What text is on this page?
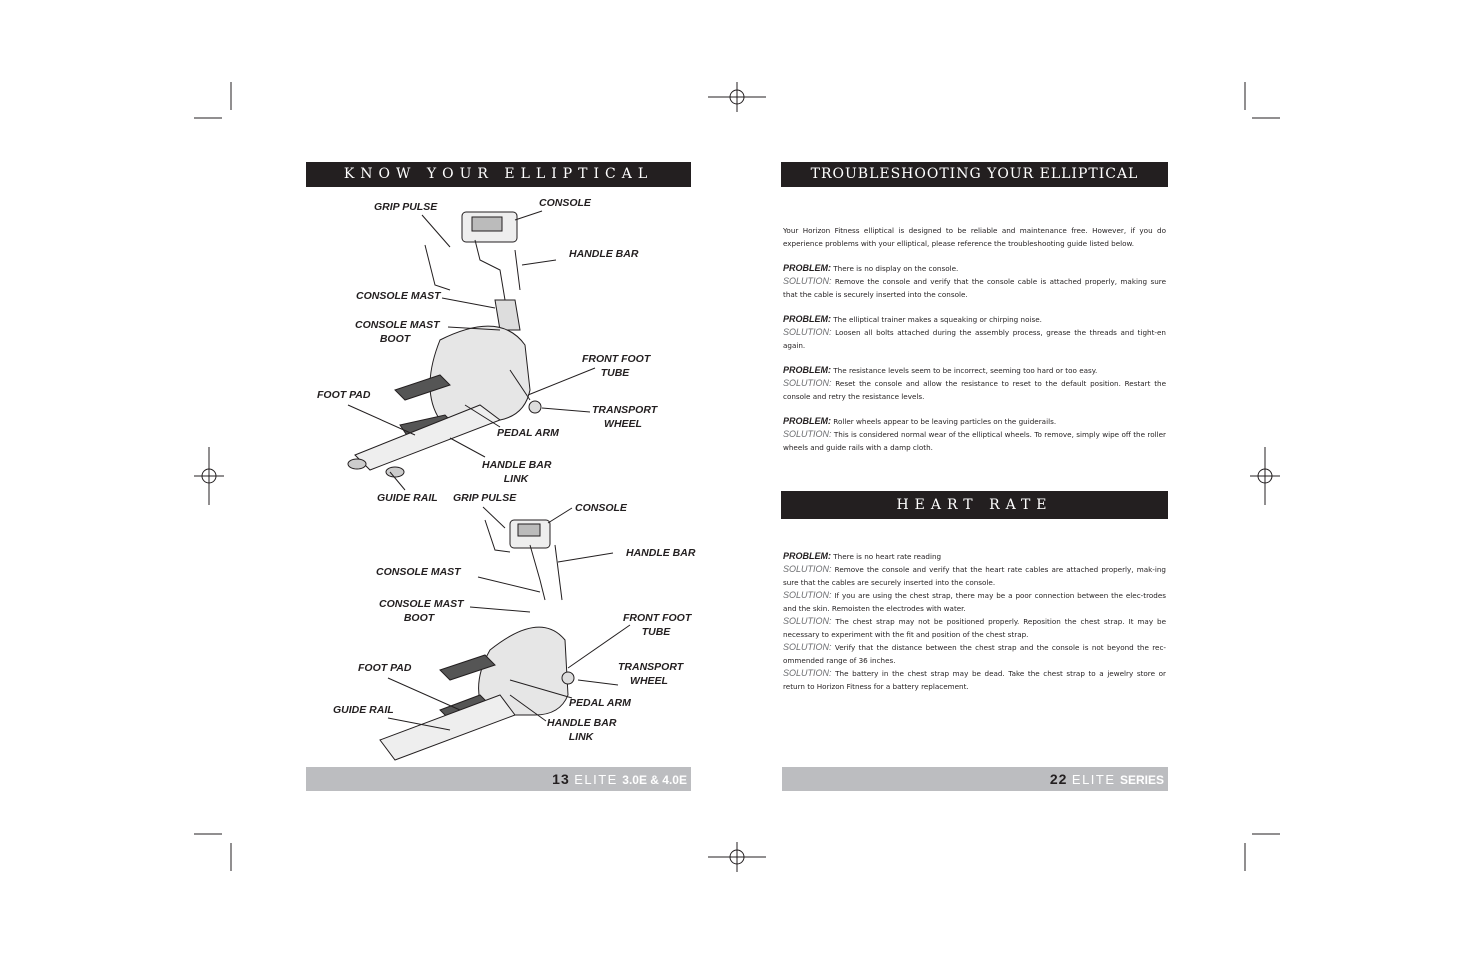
KNOW YOUR ELLIPTICAL
GRIP PULSE	CONSOLE
HANDLE BAR
CONSOLE MAST
CONSOLE MAST
BOOT
FRONT FOOT
TUBE
FOOT PAD
TRANSPORT
WHEEL
PEDAL ARM
HANDLE BAR
LINK
GUIDE RAIL GRIP PULSE
CONSOLE
HANDLE BAR
CONSOLE MAST
CONSOLE MAST
BOOT	FRONT FOOT
TUBE
FOOT PAD	TRANSPORT
WHEEL
PEDAL ARM
GUIDE RAIL
HANDLE BAR
LINK
13 ELITE 3.0E & 4.0E
TROUBLESHOOTING YOUR ELLIPTICAL TRAINER
Your Horizon Fitness elliptical is designed to be reliable and maintenance free. However, if you do experience problems with your elliptical, please reference the troubleshooting guide listed below.
PROBLEM: There is no display on the console.
SOLUTION: Remove the console and verify that the console cable is attached properly, making sure that the cable is securely inserted into the console.
PROBLEM: The elliptical trainer makes a squeaking or chirping noise.
SOLUTION: Loosen all bolts attached during the assembly process, grease the threads and tight-en again.
PROBLEM: The resistance levels seem to be incorrect, seeming too hard or too easy.
SOLUTION: Reset the console and allow the resistance to reset to the default position. Restart the console and retry the resistance levels.
PROBLEM: Roller wheels appear to be leaving particles on the guiderails.
SOLUTION: This is considered normal wear of the elliptical wheels. To remove, simply wipe off the roller wheels and guide rails with a damp cloth.
HEART RATE TROUBLESHOOTING
PROBLEM: There is no heart rate reading
SOLUTION: Remove the console and verify that the heart rate cables are attached properly, mak-ing sure that the cables are securely inserted into the console.
SOLUTION: If you are using the chest strap, there may be a poor connection between the elec-trodes and the skin. Remoisten the electrodes with water.
SOLUTION: The chest strap may not be positioned properly. Reposition the chest strap. It may be necessary to experiment with the fit and position of the chest strap.
SOLUTION: Verify that the distance between the chest strap and the console is not beyond the rec-ommended range of 36 inches.
SOLUTION: The battery in the chest strap may be dead. Take the chest strap to a jewelry store or return to Horizon Fitness for a battery replacement.
22 ELITE SERIES
